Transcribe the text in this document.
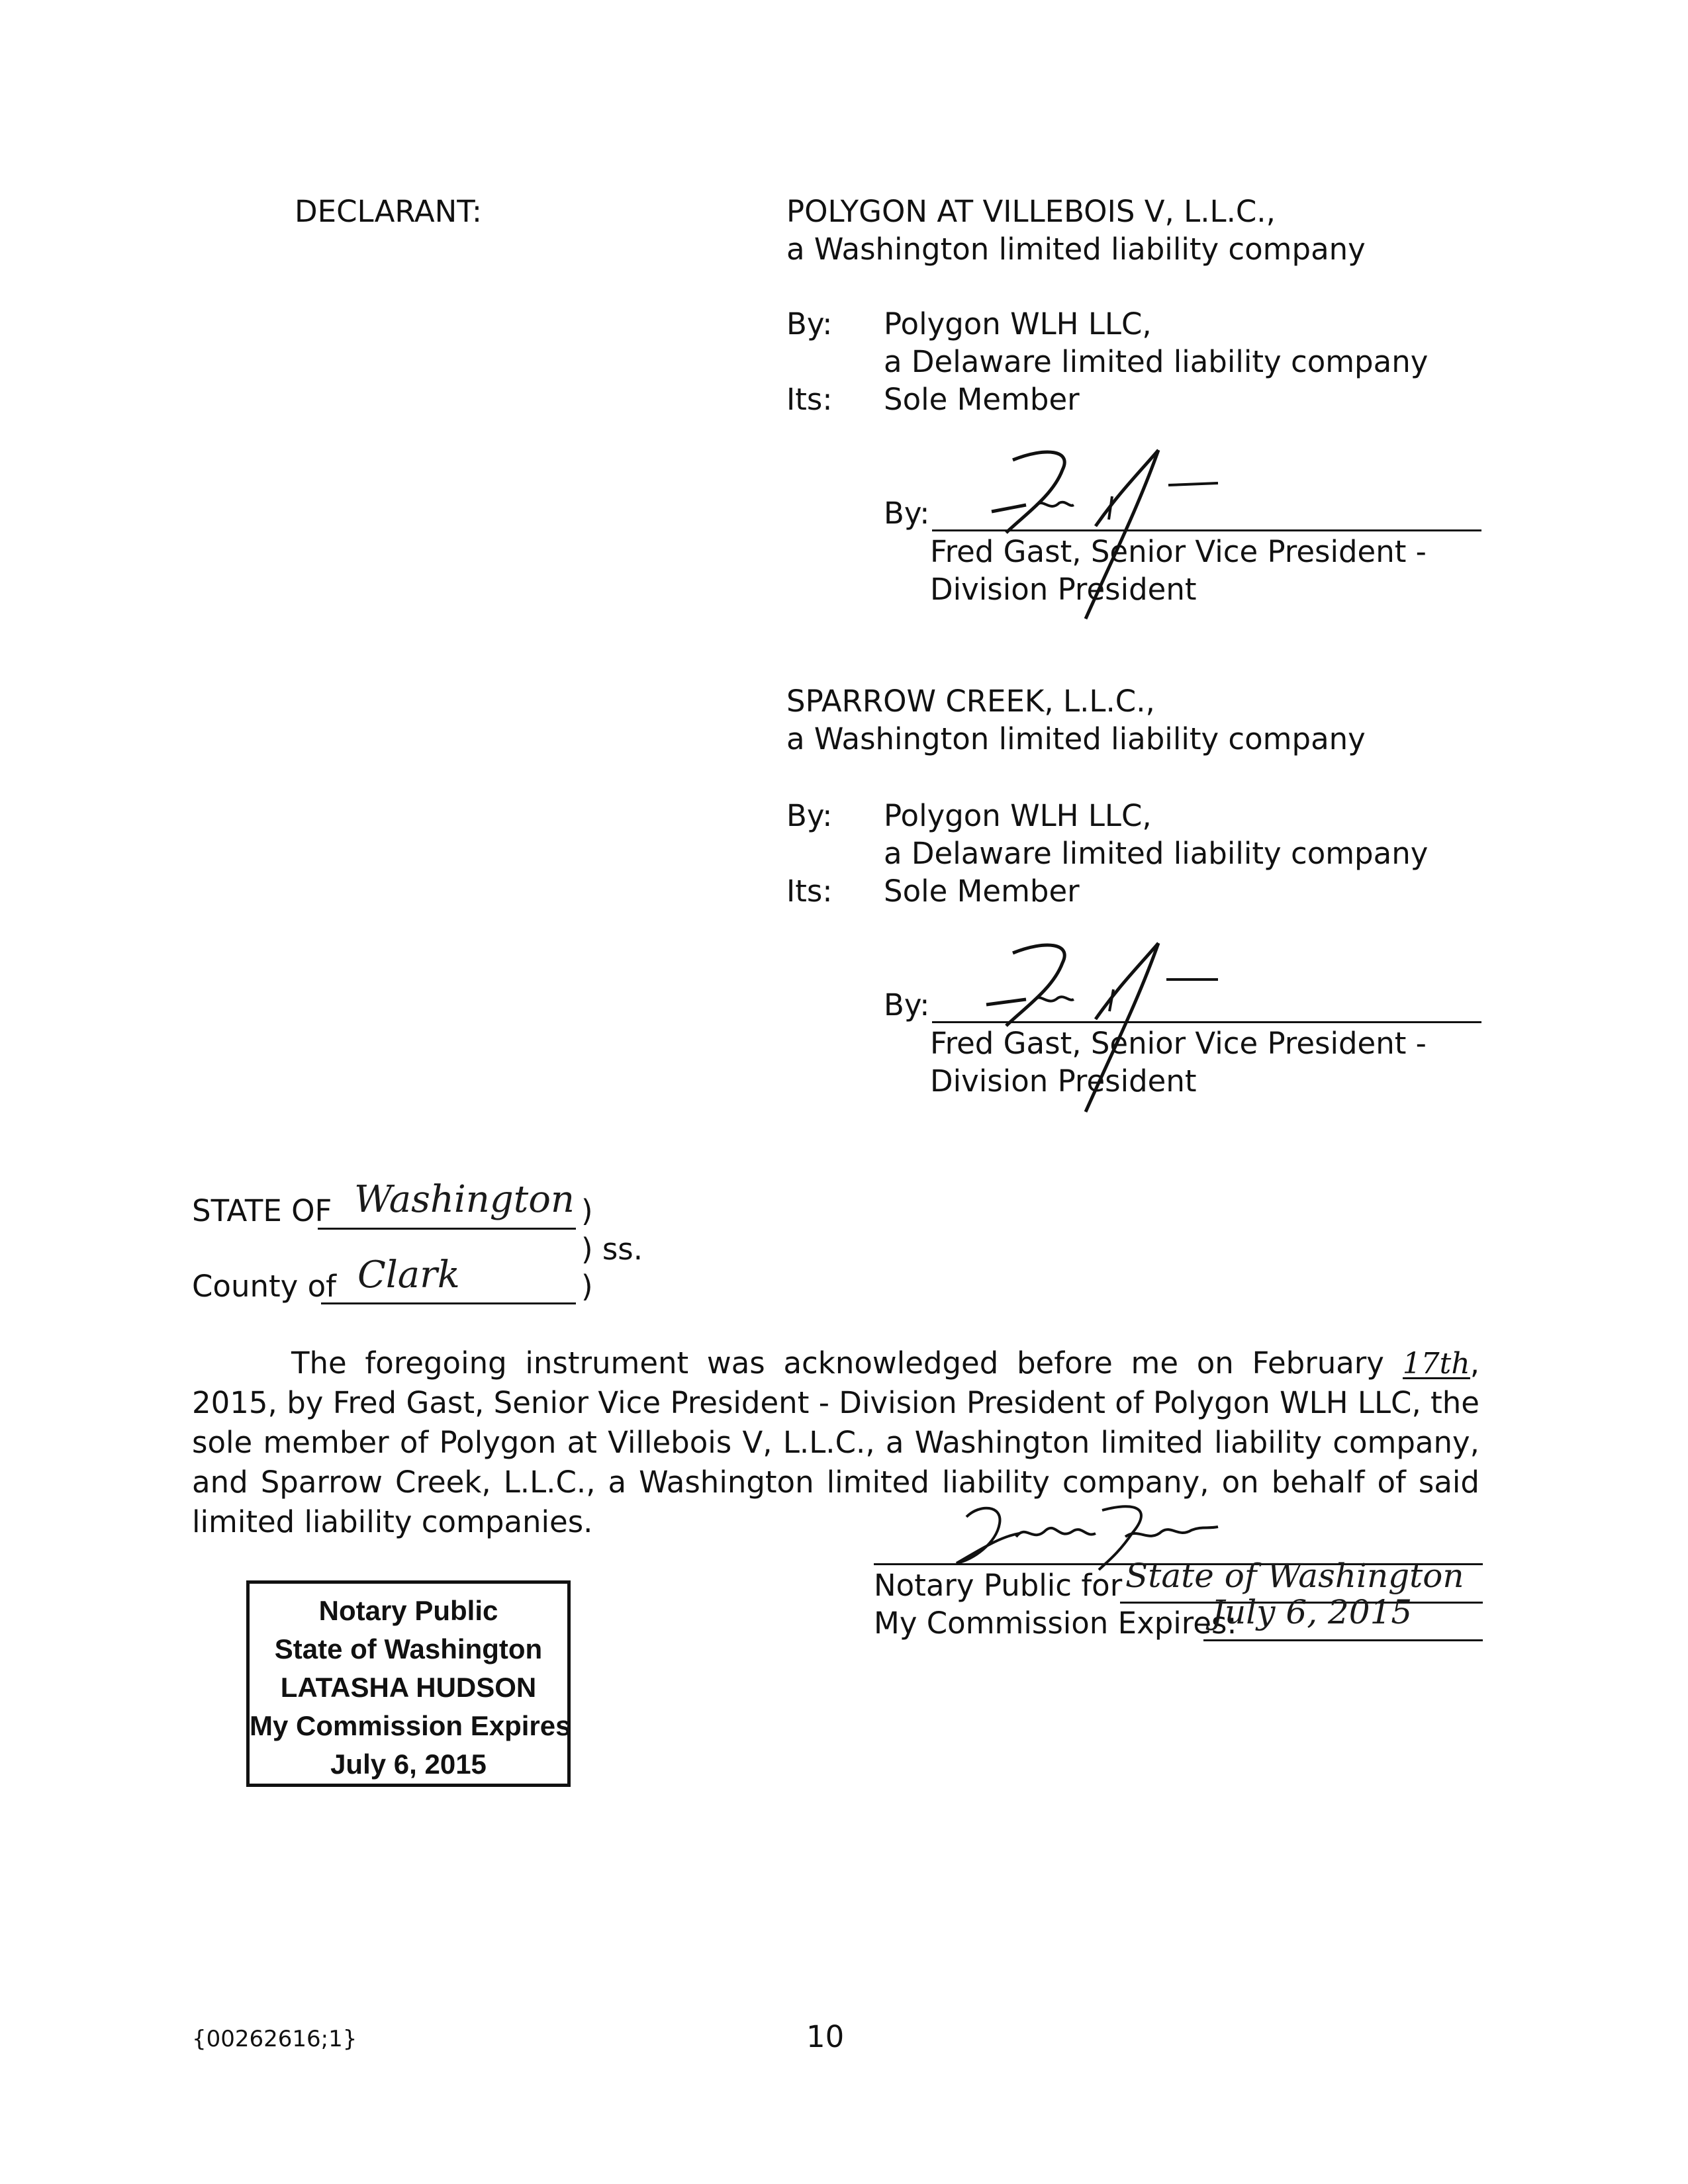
DECLARANT:	POLYGON AT VILLEBOIS V, L.L.C.,
a Washington limited liability company
By: Polygon WLH LLC,
a Delaware limited liability company
Its: Sole Member
By:
Fred Gast, Senior Vice President -
Division President
SPARROW CREEK, L.L.C.,
a Washington limited liability company
By: Polygon WLH LLC,
a Delaware limited liability company
Its: Sole Member
By:
Fred Gast, Senior Vice President -
Division President
STATE OF Washington )
) ss.
County of Clark	)
The foregoing instrument was acknowledged before me on February 17th, 2015, by Fred Gast, Senior Vice President - Division President of Polygon WLH LLC, the sole member of Polygon at Villebois V, L.L.C., a Washington limited liability company, and Sparrow Creek, L.L.C., a Washington limited liability company, on behalf of said limited liability companies.
Notary Public for State of Washington
My Commission Expires:
July 6, 2015
Notary Public
State of Washington
LATASHA HUDSON
My Commission Expires
July 6, 2015
{00262616;1}	10
